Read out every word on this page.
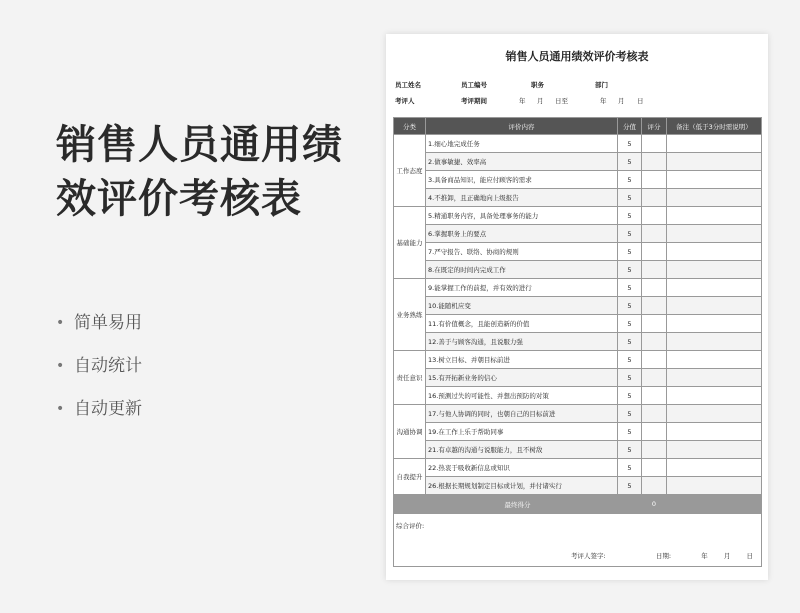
销售人员通用绩
效评价考核表
• 简单易用
• 自动统计
• 自动更新
销售人员通用绩效评价考核表
员工姓名	员工编号	职务	部门
考评人	考评期间	年 月 日至	年 月 日
分类	评价内容	分值	评分	备注（低于3分时需说明）
工作态度	1.细心地完成任务	5		
	2.做事敏捷、效率高	5		
	3.具备商品知识，能应付顾客的需求	5		
	4.不推卸，且正确地向上级报告	5		
基础能力	5.精通职务内容，具备处理事务的能力	5		
	6.掌握职务上的要点	5		
	7.严守报告、联络、协商的规则	5		
	8.在既定的时间内完成工作	5		
业务熟练	9.能掌握工作的前提，并有效的进行	5		
	10.能随机应变	5		
	11.有价值概念，且能创造新的价值	5		
	12.善于与顾客沟通，且说服力强	5		
责任意识	13.树立目标、并朝目标前进	5		
	15.有开拓新业务的信心	5		
	16.预测过失的可能性、并想出预防的对策	5		
沟通协调	17.与他人协调的同时，也朝自己的目标前进	5		
	19.在工作上乐于帮助同事	5		
	21.有卓越的沟通与说服能力，且不树敌	5		
自我提升	22.热衷于吸收新信息或知识	5		
	26.根据长期规划制定目标或计划，并付诸实行	5		
最终得分			0	

综合评价:
考评人签字: 日期: 年 月 日				
